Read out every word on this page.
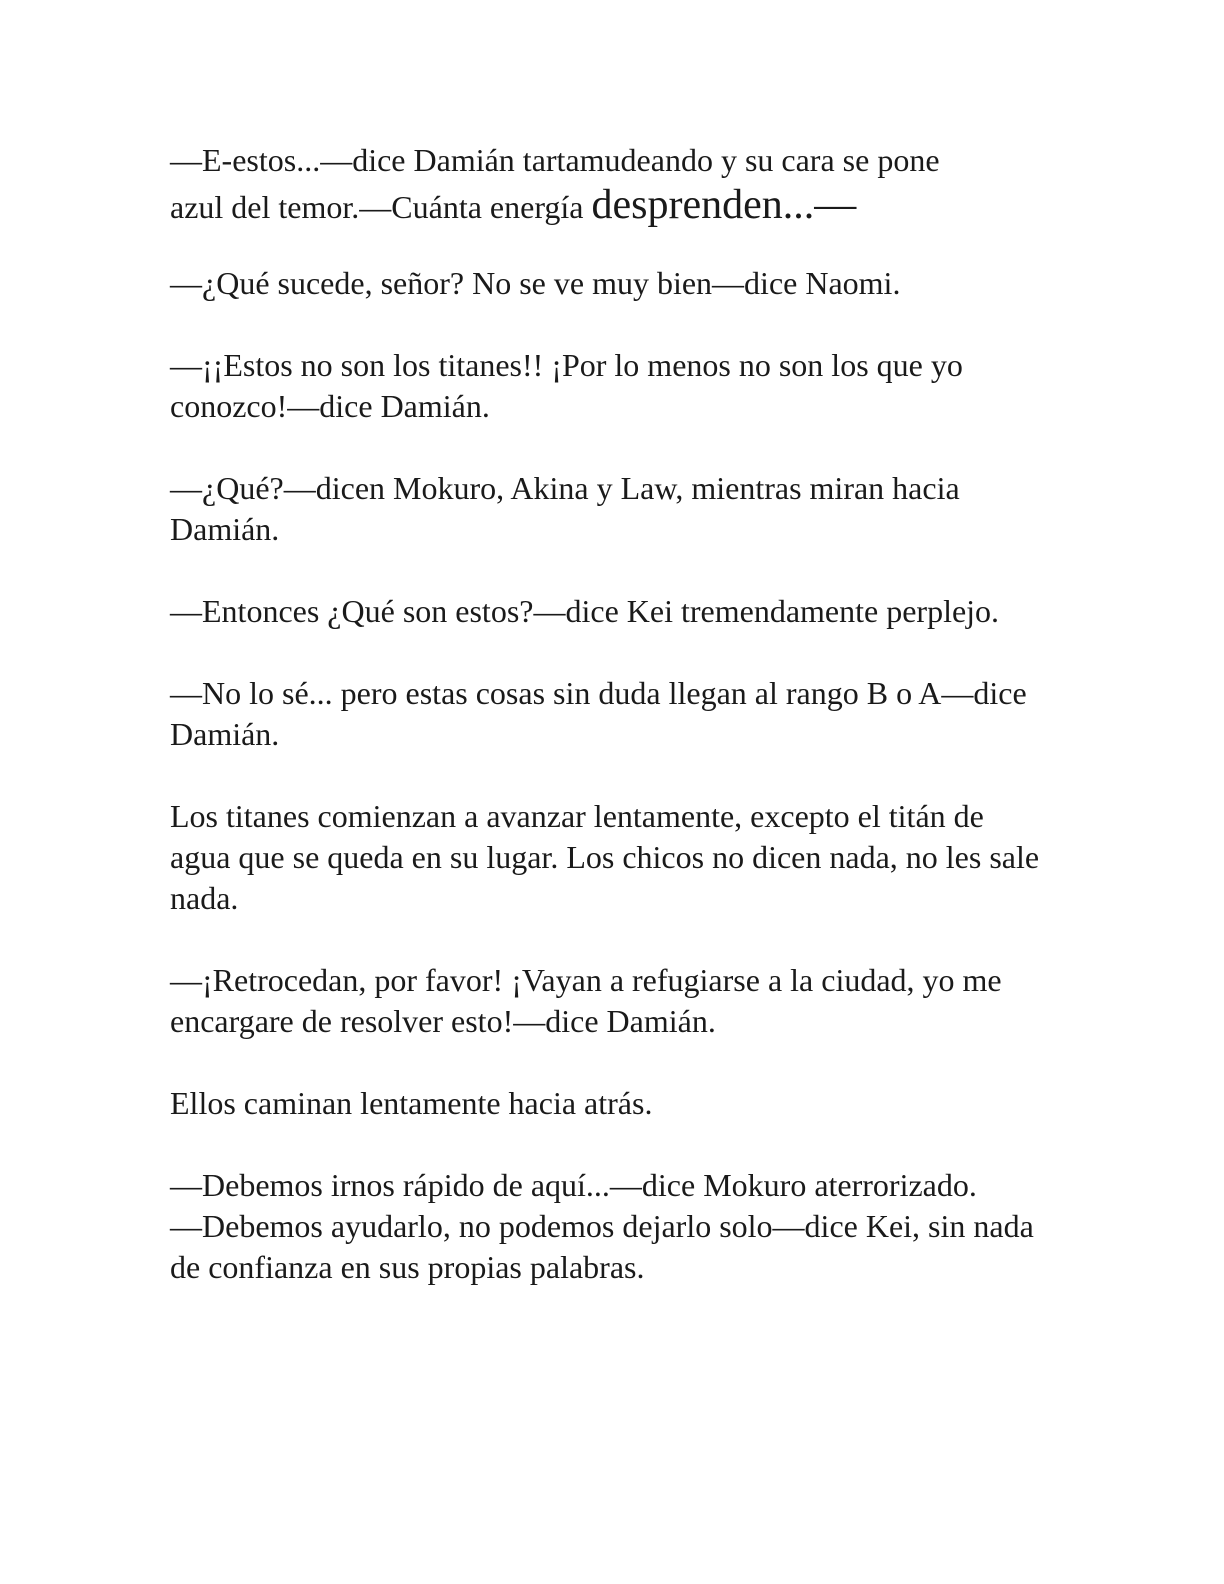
—E-estos...—dice Damián tartamudeando y su cara se pone
azul del temor.—Cuánta energía desprenden...—

—¿Qué sucede, señor? No se ve muy bien—dice Naomi.

—¡¡Estos no son los titanes!! ¡Por lo menos no son los que yo conozco!—dice Damián.

—¿Qué?—dicen Mokuro, Akina y Law, mientras miran hacia Damián.

—Entonces ¿Qué son estos?—dice Kei tremendamente perplejo.

—No lo sé... pero estas cosas sin duda llegan al rango B o A—dice Damián.

Los titanes comienzan a avanzar lentamente, excepto el titán de agua que se queda en su lugar. Los chicos no dicen nada, no les sale nada.

—¡Retrocedan, por favor! ¡Vayan a refugiarse a la ciudad, yo me encargare de resolver esto!—dice Damián.

Ellos caminan lentamente hacia atrás.

—Debemos irnos rápido de aquí...—dice Mokuro aterrorizado.

—Debemos ayudarlo, no podemos dejarlo solo—dice Kei, sin nada de confianza en sus propias palabras.
